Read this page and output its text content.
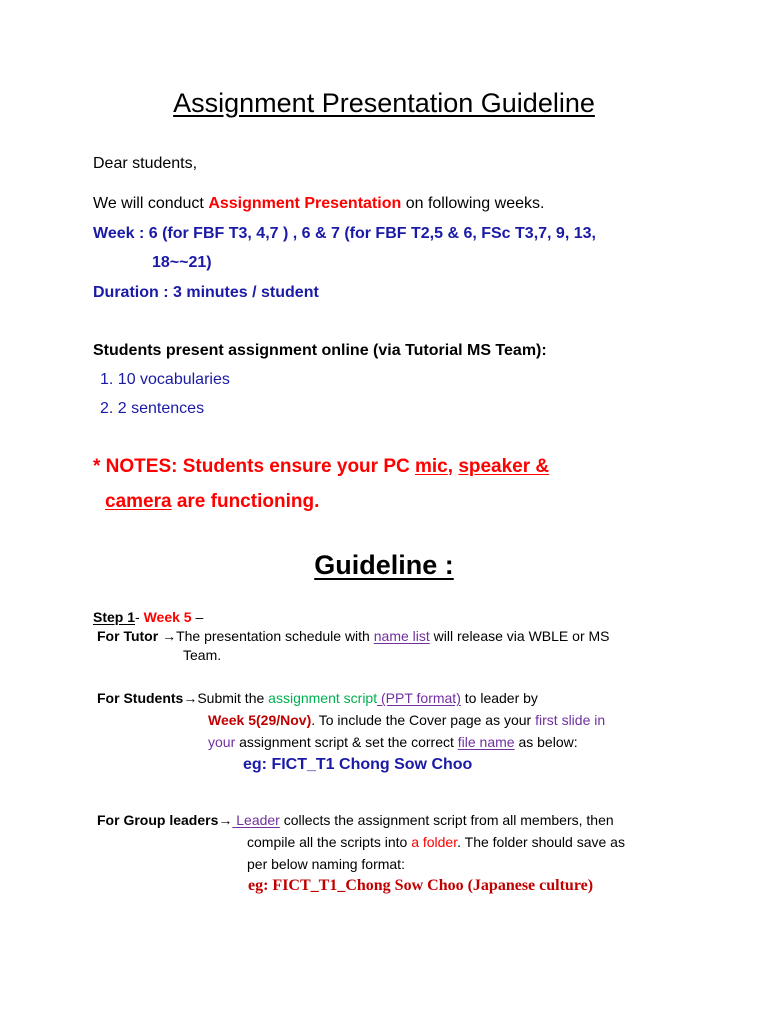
Assignment Presentation Guideline
Dear students,
We will conduct Assignment Presentation on following weeks.
Week : 6 (for FBF T3, 4,7 ) , 6 & 7 (for FBF T2,5 & 6, FSc T3,7, 9, 13,
18~~21)
Duration : 3 minutes / student
Students present assignment online (via Tutorial MS Team):
1. 10 vocabularies
2. 2 sentences
* NOTES: Students ensure your PC mic, speaker &
camera are functioning.
Guideline :
Step 1- Week 5 –
For Tutor →The presentation schedule with name list will release via WBLE or MS
Team.
For Students→Submit the assignment script (PPT format) to leader by
Week 5(29/Nov). To include the Cover page as your first slide in
your assignment script & set the correct file name as below:
eg: FICT_T1 Chong Sow Choo
For Group leaders→ Leader collects the assignment script from all members, then
compile all the scripts into a folder. The folder should save as
per below naming format:
eg: FICT_T1_Chong Sow Choo (Japanese culture)
